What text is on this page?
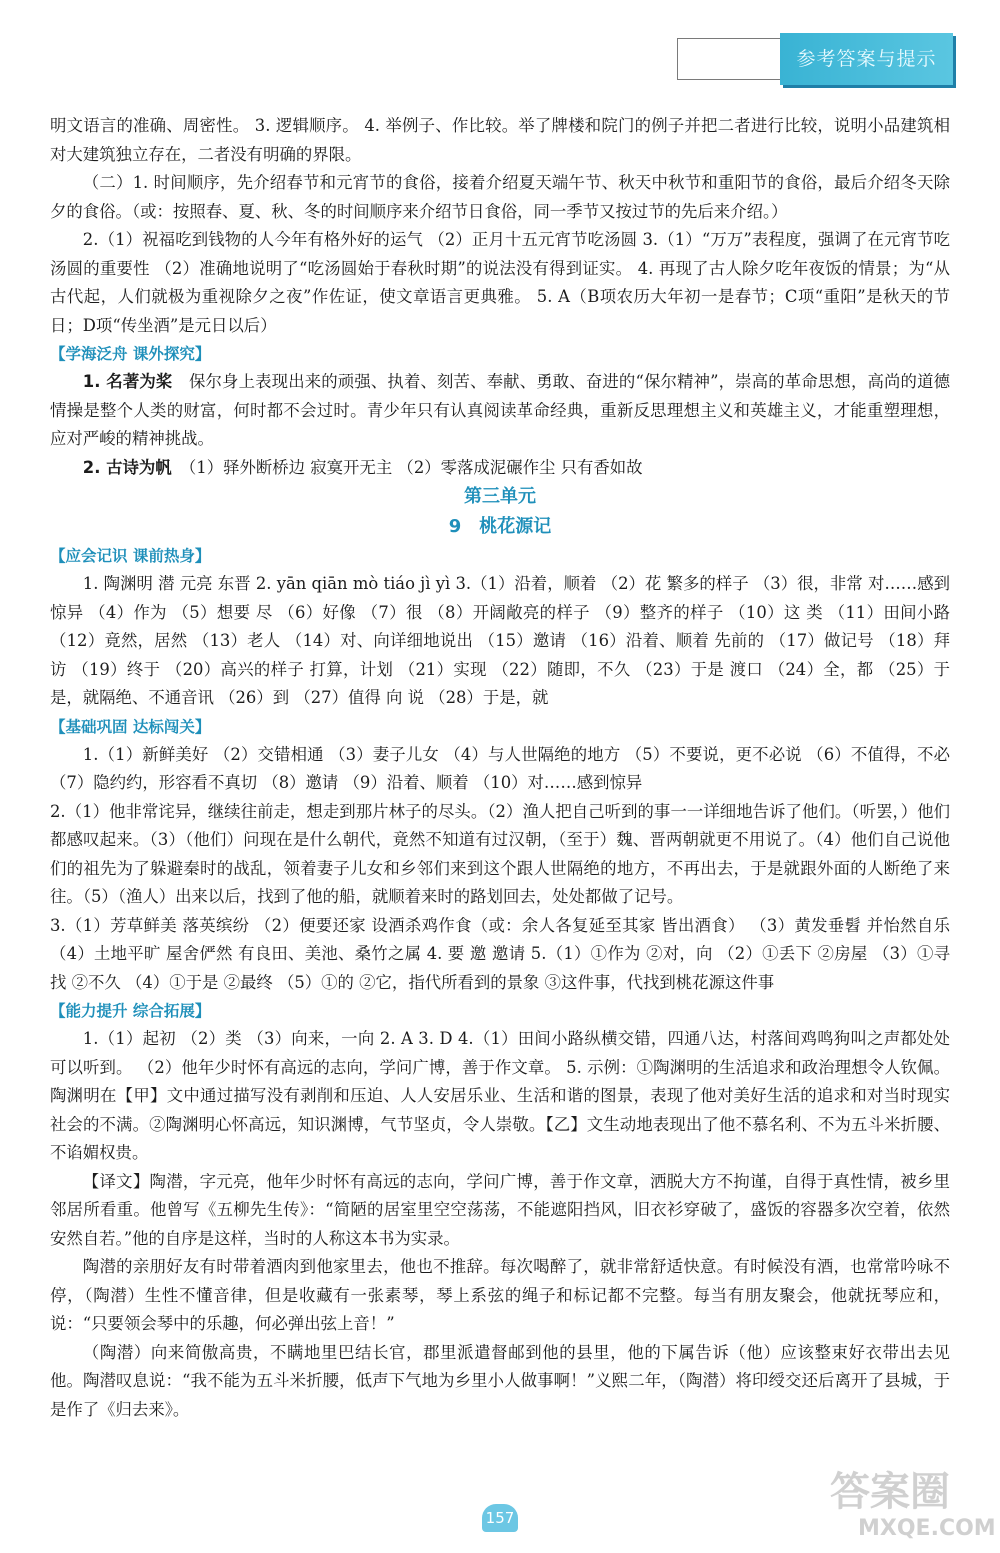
参考答案与提示

明文语言的准确、周密性。 3. 逻辑顺序。 4. 举例子、作比较。举了牌楼和院门的例子并把二者进行比较，说明小品建筑相对大建筑独立存在，二者没有明确的界限。

（二）1. 时间顺序，先介绍春节和元宵节的食俗，接着介绍夏天端午节、秋天中秋节和重阳节的食俗，最后介绍冬天除夕的食俗。（或：按照春、夏、秋、冬的时间顺序来介绍节日食俗，同一季节又按过节的先后来介绍。）

2.（1）祝福吃到钱物的人今年有格外好的运气 （2）正月十五元宵节吃汤圆 3.（1）“万万”表程度，强调了在元宵节吃汤圆的重要性 （2）准确地说明了“吃汤圆始于春秋时期”的说法没有得到证实。 4. 再现了古人除夕吃年夜饭的情景；为“从古代起，人们就极为重视除夕之夜”作佐证，使文章语言更典雅。 5. A（B项农历大年初一是春节；C项“重阳”是秋天的节日；D项“传坐酒”是元日以后）

【学海泛舟 课外探究】

1. 名著为桨　 保尔身上表现出来的顽强、执着、刻苦、奉献、勇敢、奋进的“保尔精神”，崇高的革命思想，高尚的道德情操是整个人类的财富，何时都不会过时。青少年只有认真阅读革命经典，重新反思理想主义和英雄主义，才能重塑理想，应对严峻的精神挑战。

2. 古诗为帆　 （1）驿外断桥边 寂寞开无主 （2）零落成泥碾作尘 只有香如故

第三单元
9　桃花源记
【应会记识 课前热身】

1. 陶渊明 潜 元亮 东晋 2. yān qiān mò tiáo jì yì 3.（1）沿着，顺着 （2）花 繁多的样子 （3）很，非常 对……感到惊异 （4）作为 （5）想要 尽 （6）好像 （7）很 （8）开阔敞亮的样子 （9）整齐的样子 （10）这 类 （11）田间小路 （12）竟然，居然 （13）老人 （14）对、向详细地说出 （15）邀请 （16）沿着、顺着 先前的 （17）做记号 （18）拜访 （19）终于 （20）高兴的样子 打算，计划 （21）实现 （22）随即，不久 （23）于是 渡口 （24）全，都 （25）于是，就隔绝、不通音讯 （26）到 （27）值得 向 说 （28）于是，就

【基础巩固 达标闯关】

1.（1）新鲜美好 （2）交错相通 （3）妻子儿女 （4）与人世隔绝的地方 （5）不要说，更不必说 （6）不值得，不必 （7）隐约约，形容看不真切 （8）邀请 （9）沿着、顺着 （10）对……感到惊异

2.（1）他非常诧异，继续往前走，想走到那片林子的尽头。（2）渔人把自己听到的事一一详细地告诉了他们。（听罢，）他们都感叹起来。（3）（他们）问现在是什么朝代，竟然不知道有过汉朝，（至于）魏、晋两朝就更不用说了。（4）他们自己说他们的祖先为了躲避秦时的战乱，领着妻子儿女和乡邻们来到这个跟人世隔绝的地方，不再出去，于是就跟外面的人断绝了来往。（5）（渔人）出来以后，找到了他的船，就顺着来时的路划回去，处处都做了记号。

3.（1）芳草鲜美 落英缤纷 （2）便要还家 设酒杀鸡作食（或：余人各复延至其家 皆出酒食） （3）黄发垂髫 并怡然自乐 （4）土地平旷 屋舍俨然 有良田、美池、桑竹之属 4. 要 邀 邀请 5.（1）①作为 ②对，向 （2）①丢下 ②房屋 （3）①寻找 ②不久 （4）①于是 ②最终 （5）①的 ②它，指代所看到的景象 ③这件事，代找到桃花源这件事

【能力提升 综合拓展】

1.（1）起初 （2）类 （3）向来，一向 2. A 3. D 4.（1）田间小路纵横交错，四通八达，村落间鸡鸣狗叫之声都处处可以听到。 （2）他年少时怀有高远的志向，学问广博，善于作文章。 5. 示例：①陶渊明的生活追求和政治理想令人钦佩。陶渊明在【甲】文中通过描写没有剥削和压迫、人人安居乐业、生活和谐的图景，表现了他对美好生活的追求和对当时现实社会的不满。②陶渊明心怀高远，知识渊博，气节坚贞，令人崇敬。【乙】文生动地表现出了他不慕名利、不为五斗米折腰、不谄媚权贵。

【译文】陶潜，字元亮，他年少时怀有高远的志向，学问广博，善于作文章，洒脱大方不拘谨，自得于真性情，被乡里邻居所看重。他曾写《五柳先生传》：“简陋的居室里空空荡荡，不能遮阳挡风，旧衣衫穿破了，盛饭的容器多次空着，依然安然自若。”他的自序是这样，当时的人称这本书为实录。

陶潜的亲朋好友有时带着酒肉到他家里去，他也不推辞。每次喝醉了，就非常舒适快意。有时候没有酒，也常常吟咏不停，（陶潜）生性不懂音律，但是收藏有一张素琴，琴上系弦的绳子和标记都不完整。每当有朋友聚会，他就抚琴应和，说：“只要领会琴中的乐趣，何必弹出弦上音！”

（陶潜）向来简傲高贵，不瞒地里巴结长官，郡里派遣督邮到他的县里，他的下属告诉（他）应该整束好衣带出去见他。陶潜叹息说：“我不能为五斗米折腰，低声下气地为乡里小人做事啊！”义熙二年，（陶潜）将印绶交还后离开了县城，于是作了《归去来》。

157
答案圈
MXQE.COM
